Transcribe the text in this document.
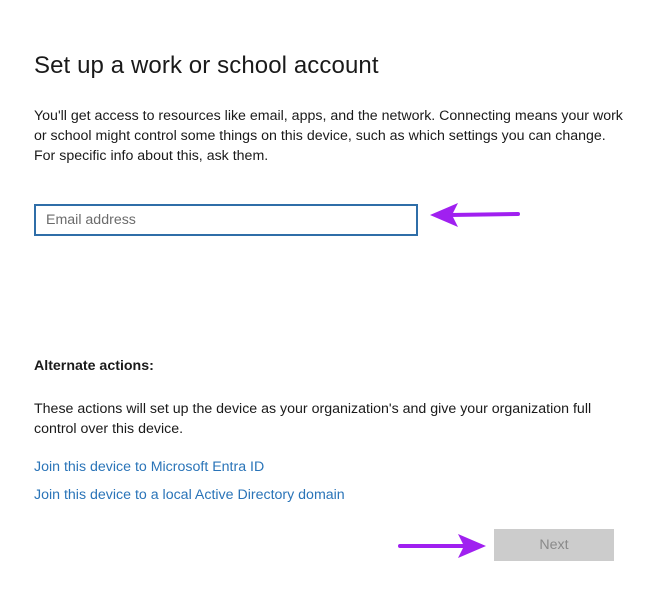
Set up a work or school account

You'll get access to resources like email, apps, and the network. Connecting means your work or school might control some things on this device, such as which settings you can change. For specific info about this, ask them.

Email address
Alternate actions:

These actions will set up the device as your organization's and give your organization full control over this device.

Join this device to Microsoft Entra ID
Join this device to a local Active Directory domain
Next
